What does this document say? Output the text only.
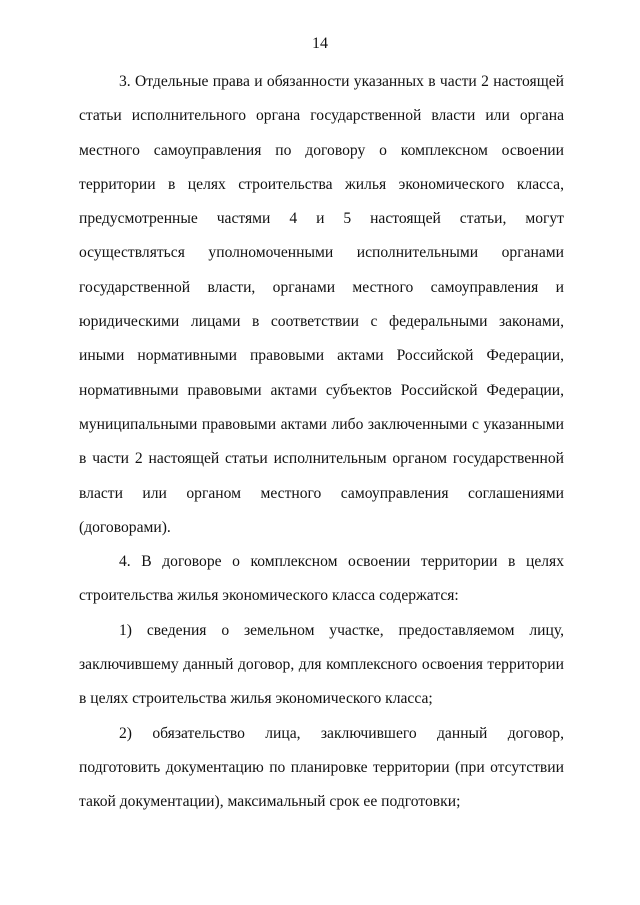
14

3. Отдельные права и обязанности указанных в части 2 настоящей статьи исполнительного органа государственной власти или органа местного самоуправления по договору о комплексном освоении территории в целях строительства жилья экономического класса, предусмотренные частями 4 и 5 настоящей статьи, могут осуществляться уполномоченными исполнительными органами государственной власти, органами местного самоуправления и юридическими лицами в соответствии с федеральными законами, иными нормативными правовыми актами Российской Федерации, нормативными правовыми актами субъектов Российской Федерации, муниципальными правовыми актами либо заключенными с указанными в части 2 настоящей статьи исполнительным органом государственной власти или органом местного самоуправления соглашениями (договорами).

4. В договоре о комплексном освоении территории в целях строительства жилья экономического класса содержатся:

1) сведения о земельном участке, предоставляемом лицу, заключившему данный договор, для комплексного освоения территории в целях строительства жилья экономического класса;

2) обязательство лица, заключившего данный договор, подготовить документацию по планировке территории (при отсутствии такой документации), максимальный срок ее подготовки;
